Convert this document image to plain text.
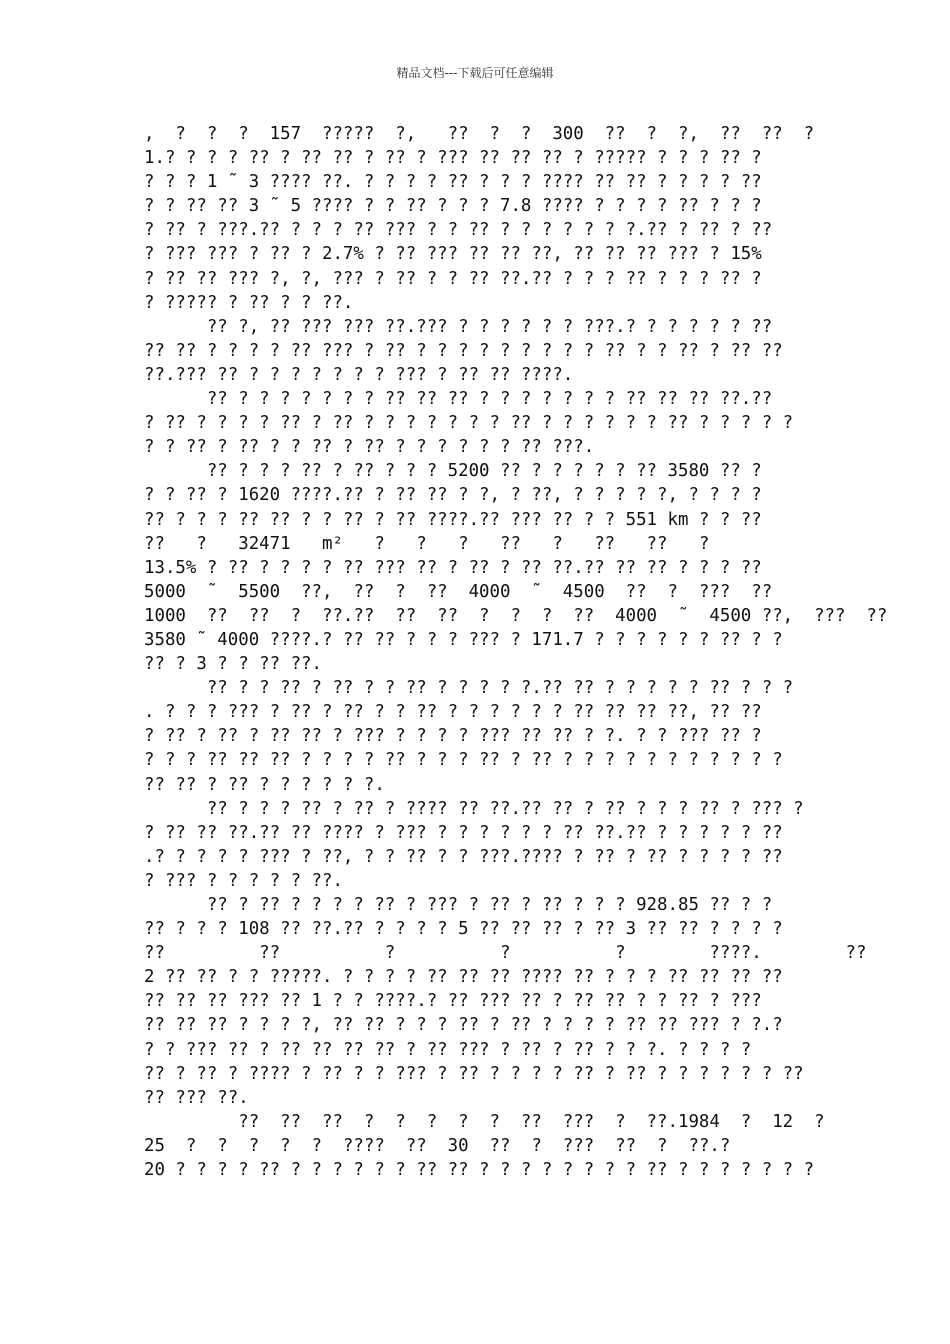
精品文档---下载后可任意编辑
,  ?  ?  ?  157  ?????  ?,   ??  ?  ?  300  ??  ?  ?,  ??  ??  ?
1.? ? ? ? ?? ? ?? ?? ? ?? ? ??? ?? ?? ?? ? ????? ? ? ? ?? ?
? ? ? 1 ˜ 3 ???? ??. ? ? ? ? ?? ? ? ? ???? ?? ?? ? ? ? ? ??
? ? ?? ?? 3 ˜ 5 ???? ? ? ?? ? ? ? 7.8 ???? ? ? ? ? ?? ? ? ?
? ?? ? ???.?? ? ? ? ?? ??? ? ? ?? ? ? ? ? ? ? ?.?? ? ?? ? ??
? ??? ??? ? ?? ? 2.7% ? ?? ??? ?? ?? ??, ?? ?? ?? ??? ? 15%
? ?? ?? ??? ?, ?, ??? ? ?? ? ? ?? ??.?? ? ? ? ?? ? ? ? ?? ?
? ????? ? ?? ? ? ??.
?? ?, ?? ??? ??? ??.??? ? ? ? ? ? ? ???.? ? ? ? ? ? ??
?? ?? ? ? ? ? ?? ??? ? ?? ? ? ? ? ? ? ? ? ? ?? ? ? ?? ? ?? ??
??.??? ?? ? ? ? ? ? ? ? ??? ? ?? ?? ????.
?? ? ? ? ? ? ? ? ?? ?? ?? ? ? ? ? ? ? ? ?? ?? ?? ??.??
? ?? ? ? ? ? ?? ? ?? ? ? ? ? ? ? ? ?? ? ? ? ? ? ? ?? ? ? ? ? ?
? ? ?? ? ?? ? ? ?? ? ?? ? ? ? ? ? ? ?? ???.
?? ? ? ? ?? ? ?? ? ? ? 5200 ?? ? ? ? ? ? ?? 3580 ?? ?
? ? ?? ? 1620 ????.?? ? ?? ?? ? ?, ? ??, ? ? ? ? ?, ? ? ? ?
?? ? ? ? ?? ?? ? ? ?? ? ?? ????.?? ??? ?? ? ? 551 km ? ? ??
??   ?   32471   m²   ?   ?   ?   ??   ?   ??   ??   ?
13.5% ? ?? ? ? ? ? ?? ??? ?? ? ?? ? ?? ??.?? ?? ?? ? ? ? ??
5000  ˜  5500  ??,  ??  ?  ??  4000  ˜  4500  ??  ?  ???  ??
1000  ??  ??  ?  ??.??  ??  ??  ?  ?  ?  ??  4000  ˜  4500 ??,  ???  ??
3580 ˜ 4000 ????.? ?? ?? ? ? ? ??? ? 171.7 ? ? ? ? ? ? ?? ? ?
?? ? 3 ? ? ?? ??.
?? ? ? ?? ? ?? ? ? ?? ? ? ? ? ?.?? ?? ? ? ? ? ? ?? ? ? ?
. ? ? ? ??? ? ?? ? ?? ? ? ?? ? ? ? ? ? ? ?? ?? ?? ??, ?? ??
? ?? ? ?? ? ?? ?? ? ??? ? ? ? ? ??? ?? ?? ? ?. ? ? ??? ?? ?
? ? ? ?? ?? ?? ? ? ? ? ?? ? ? ? ?? ? ?? ? ? ? ? ? ? ? ? ? ? ?
?? ?? ? ?? ? ? ? ? ? ?.
?? ? ? ? ?? ? ?? ? ???? ?? ??.?? ?? ? ?? ? ? ? ?? ? ??? ?
? ?? ?? ??.?? ?? ???? ? ??? ? ? ? ? ? ? ?? ??.?? ? ? ? ? ? ??
.? ? ? ? ? ??? ? ??, ? ? ?? ? ? ???.???? ? ?? ? ?? ? ? ? ? ??
? ??? ? ? ? ? ? ??.
?? ? ?? ? ? ? ? ?? ? ??? ? ?? ? ?? ? ? ? 928.85 ?? ? ?
?? ? ? ? 108 ?? ??.?? ? ? ? ? 5 ?? ?? ?? ? ?? 3 ?? ?? ? ? ? ?
??         ??          ?          ?          ?        ????.        ??
2 ?? ?? ? ? ?????. ? ? ? ? ?? ?? ?? ???? ?? ? ? ? ?? ?? ?? ??
?? ?? ?? ??? ?? 1 ? ? ????.? ?? ??? ?? ? ?? ?? ? ? ?? ? ???
?? ?? ?? ? ? ? ?, ?? ?? ? ? ? ?? ? ?? ? ? ? ? ?? ?? ??? ? ?.?
? ? ??? ?? ? ?? ?? ?? ?? ? ?? ??? ? ?? ? ?? ? ? ?. ? ? ? ?
?? ? ?? ? ???? ? ?? ? ? ??? ? ?? ? ? ? ? ?? ? ?? ? ? ? ? ? ? ??
?? ??? ??.
??  ??  ??  ?  ?  ?  ?  ?  ??  ???  ?  ??.1984  ?  12  ?
25  ?  ?  ?  ?  ?  ????  ??  30  ??  ?  ???  ??  ?  ??.?
20 ? ? ? ? ?? ? ? ? ? ? ? ?? ?? ? ? ? ? ? ? ? ? ?? ? ? ? ? ? ? ?
